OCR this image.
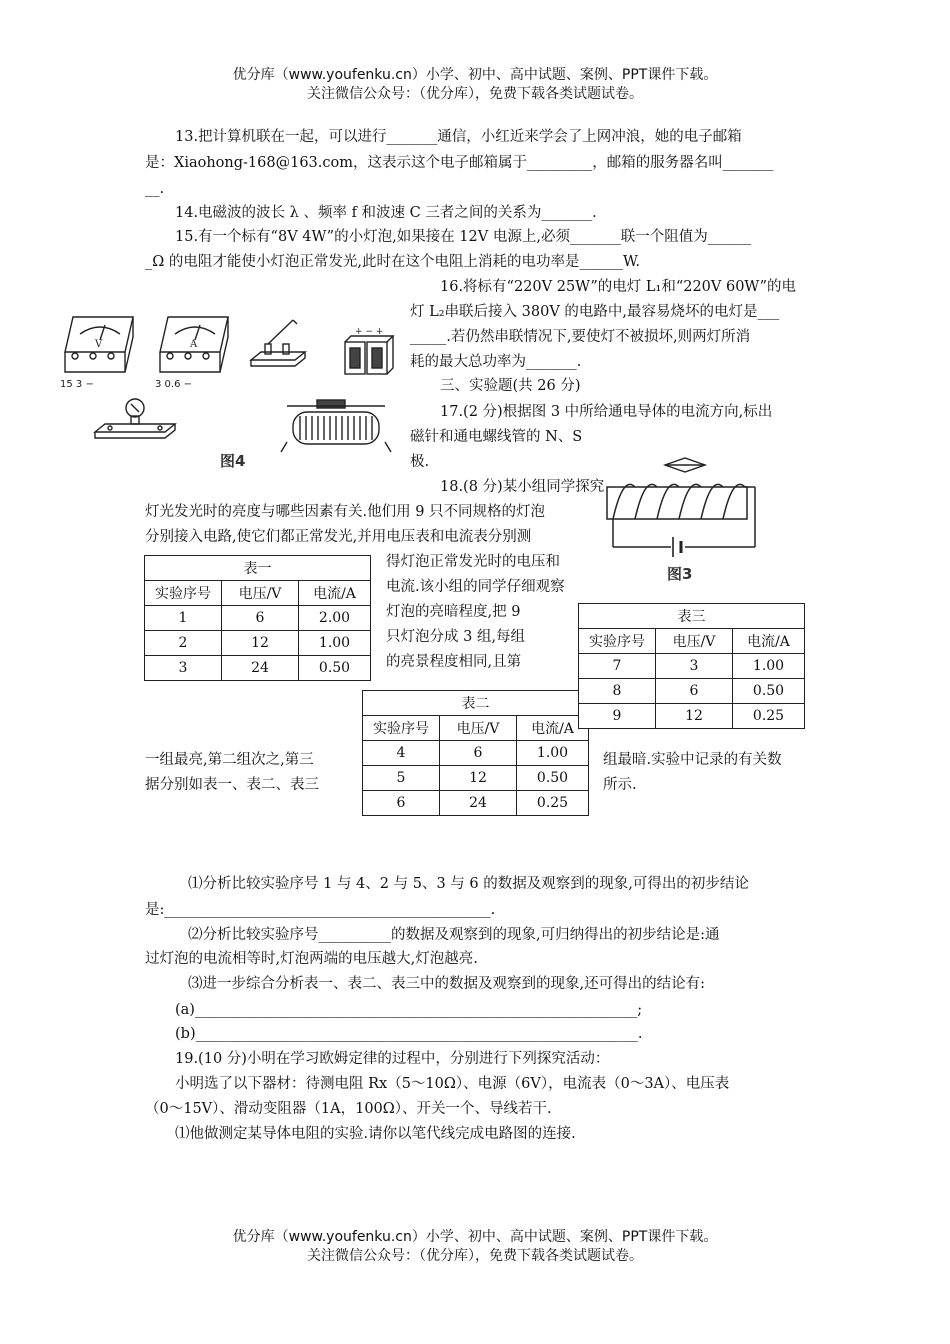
优分库（www.youfenku.cn）小学、初中、高中试题、案例、PPT课件下载。
关注微信公众号：（优分库），免费下载各类试题试卷。
13.把计算机联在一起，可以进行_______通信，小红近来学会了上网冲浪，她的电子邮箱
是：Xiaohong-168@163.com，这表示这个电子邮箱属于_________，邮箱的服务器名叫_______
__.
14.电磁波的波长 λ 、频率 f 和波速 C 三者之间的关系为_______.
15.有一个标有“8V 4W”的小灯泡,如果接在 12V 电源上,必须_______联一个阻值为______
_Ω 的电阻才能使小灯泡正常发光,此时在这个电阻上消耗的电功率是______W.
16.将标有“220V 25W”的电灯 L₁和“220V 60W”的电
灯 L₂串联后接入 380V 的电路中,最容易烧坏的电灯是___
_____.若仍然串联情况下,要使灯不被损坏,则两灯所消
耗的最大总功率为_______.
三、实验题(共 26 分)
17.(2 分)根据图 3 中所给通电导体的电流方向,标出
磁针和通电螺线管的 N、S
极.
18.(8 分)某小组同学探究
灯光发光时的亮度与哪些因素有关.他们用 9 只不同规格的灯泡
分别接入电路,使它们都正常发光,并用电压表和电流表分别测
得灯泡正常发光时的电压和
电流.该小组的同学仔细观察
灯泡的亮暗程度,把 9
只灯泡分成 3 组,每组
的亮景程度相同,且第
一组最亮,第二组次之,第三
据分别如表一、表二、表三
组最暗.实验中记录的有关数
所示.
⑴分析比较实验序号 1 与 4、2 与 5、3 与 6 的数据及观察到的现象,可得出的初步结论
是:_____________________________________________.
⑵分析比较实验序号__________的数据及观察到的现象,可归纳得出的初步结论是:通
过灯泡的电流相等时,灯泡两端的电压越大,灯泡越亮.
⑶进一步综合分析表一、表二、表三中的数据及观察到的现象,还可得出的结论有:
(a)_____________________________________________________________;
(b)_____________________________________________________________.
19.(10 分)小明在学习欧姆定律的过程中，分别进行下列探究活动：
小明选了以下器材：待测电阻 Rx（5～10Ω）、电源（6V），电流表（0～3A）、电压表
（0～15V）、滑动变阻器（1A，100Ω）、开关一个、导线若干.
⑴他做测定某导体电阻的实验.请你以笔代线完成电路图的连接.
表一		
实验序号	电压/V	电流/A
1	6	2.00
2	12	1.00
3	24	0.50
表二		
实验序号	电压/V	电流/A
4	6	1.00
5	12	0.50
6	24	0.25
表三		
实验序号	电压/V	电流/A
7	3	1.00
8	6	0.50
9	12	0.25
V
15 3 −
A
3 0.6 −
+ − +
图4
图3
优分库（www.youfenku.cn）小学、初中、高中试题、案例、PPT课件下载。
关注微信公众号：（优分库），免费下载各类试题试卷。
